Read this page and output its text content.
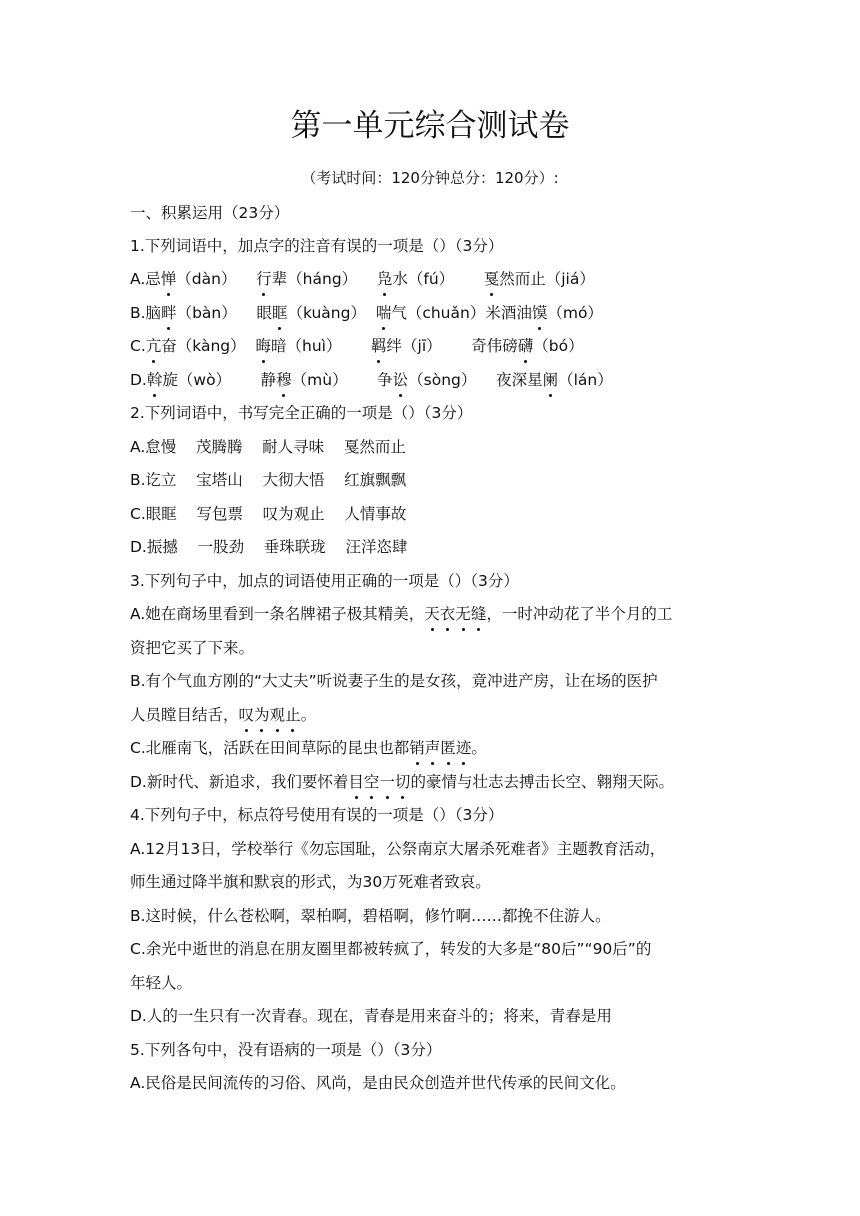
第一单元综合测试卷
（考试时间：120分钟总分：120分）:
一、积累运用（23分）
1.下列词语中，加点字的注音有误的一项是（）（3分）
A.忌惮（dàn）    行辈（háng）    凫水（fú）      戛然而止（jiá）
B.脑畔（bàn）    眼眶（kuàng）  喘气（chuǎn）米酒油馍（mó）
C.亢奋（kàng）  晦暗（huì）      羁绊（jī）      奇伟磅礴（bó）
D.斡旋（wò）      静穆（mù）      争讼（sòng）    夜深星阑（lán）
2.下列词语中，书写完全正确的一项是（）（3分）
A.怠慢    茂腾腾    耐人寻味    戛然而止
B.讫立    宝塔山    大彻大悟    红旗飘飘
C.眼眶    写包票    叹为观止    人情事故
D.振撼    一股劲    垂珠联珑    汪洋恣肆
3.下列句子中，加点的词语使用正确的一项是（）（3分）
A.她在商场里看到一条名牌裙子极其精美，天衣无缝，一时冲动花了半个月的工
资把它买了下来。
B.有个气血方刚的“大丈夫”听说妻子生的是女孩，竟冲进产房，让在场的医护
人员瞠目结舌，叹为观止。
C.北雁南飞，活跃在田间草际的昆虫也都销声匿迹。
D.新时代、新追求，我们要怀着目空一切的豪情与壮志去搏击长空、翱翔天际。
4.下列句子中，标点符号使用有误的一项是（）（3分）
A.12月13日，学校举行《勿忘国耻，公祭南京大屠杀死难者》主题教育活动，
师生通过降半旗和默哀的形式，为30万死难者致哀。
B.这时候，什么苍松啊，翠柏啊，碧梧啊，修竹啊……都挽不住游人。
C.余光中逝世的消息在朋友圈里都被转疯了，转发的大多是“80后”“90后”的
年轻人。
D.人的一生只有一次青春。现在，青春是用来奋斗的；将来，青春是用
5.下列各句中，没有语病的一项是（）（3分）
A.民俗是民间流传的习俗、风尚，是由民众创造并世代传承的民间文化。
